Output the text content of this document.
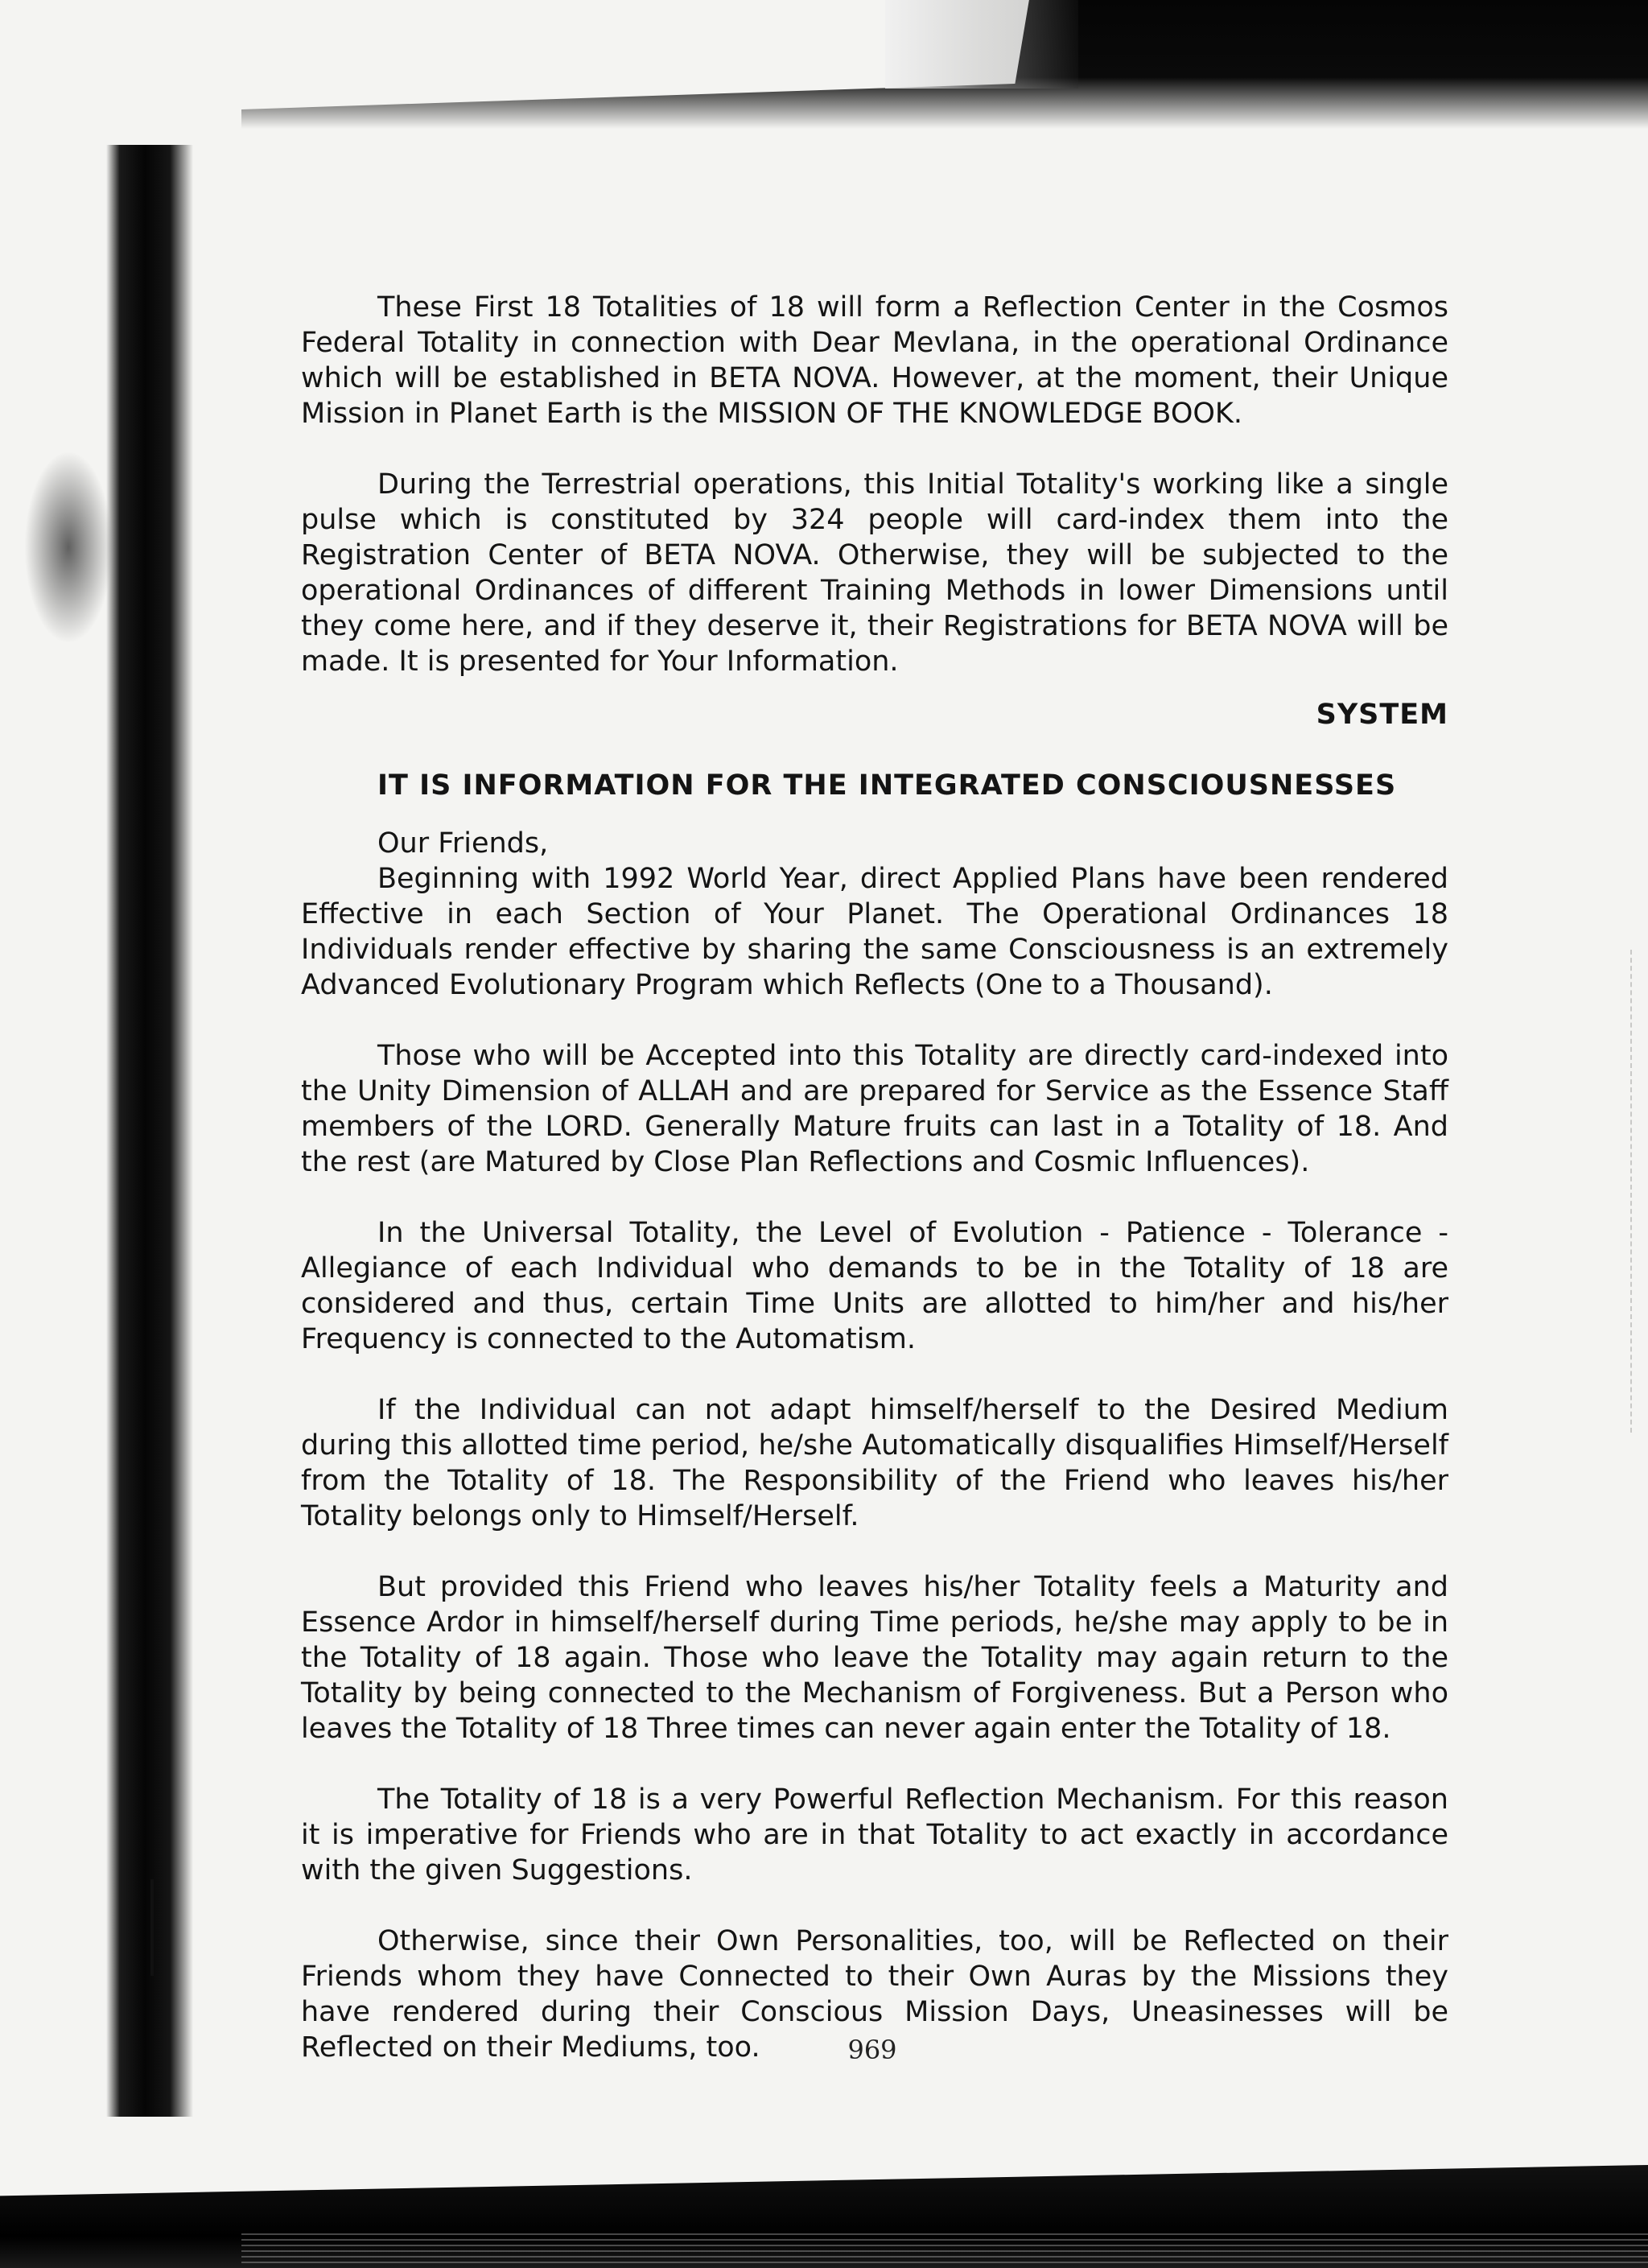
These First 18 Totalities of 18 will form a Reflection Center in the Cosmos Federal Totality in connection with Dear Mevlana, in the operational Ordinance which will be established in BETA NOVA. However, at the moment, their Unique Mission in Planet Earth is the MISSION OF THE KNOWLEDGE BOOK.

During the Terrestrial operations, this Initial Totality's working like a single pulse which is constituted by 324 people will card-index them into the Registration Center of BETA NOVA. Otherwise, they will be subjected to the operational Ordinances of different Training Methods in lower Dimensions until they come here, and if they deserve it, their Registrations for BETA NOVA will be made. It is presented for Your Information.

SYSTEM
IT IS INFORMATION FOR THE INTEGRATED CONSCIOUSNESSES

Our Friends,

Beginning with 1992 World Year, direct Applied Plans have been rendered Effective in each Section of Your Planet. The Operational Ordinances 18 Individuals render effective by sharing the same Consciousness is an extremely Advanced Evolutionary Program which Reflects (One to a Thousand).

Those who will be Accepted into this Totality are directly card-indexed into the Unity Dimension of ALLAH and are prepared for Service as the Essence Staff members of the LORD. Generally Mature fruits can last in a Totality of 18. And the rest (are Matured by Close Plan Reflections and Cosmic Influences).

In the Universal Totality, the Level of Evolution - Patience - Tolerance - Allegiance of each Individual who demands to be in the Totality of 18 are considered and thus, certain Time Units are allotted to him/her and his/her Frequency is connected to the Automatism.

If the Individual can not adapt himself/herself to the Desired Medium during this allotted time period, he/she Automatically disqualifies Himself/Herself from the Totality of 18. The Responsibility of the Friend who leaves his/her Totality belongs only to Himself/Herself.

But provided this Friend who leaves his/her Totality feels a Maturity and Essence Ardor in himself/herself during Time periods, he/she may apply to be in the Totality of 18 again. Those who leave the Totality may again return to the Totality by being connected to the Mechanism of Forgiveness. But a Person who leaves the Totality of 18 Three times can never again enter the Totality of 18.

The Totality of 18 is a very Powerful Reflection Mechanism. For this reason it is imperative for Friends who are in that Totality to act exactly in accordance with the given Suggestions.

Otherwise, since their Own Personalities, too, will be Reflected on their Friends whom they have Connected to their Own Auras by the Missions they have rendered during their Conscious Mission Days, Uneasinesses will be Reflected on their Mediums, too.	969
